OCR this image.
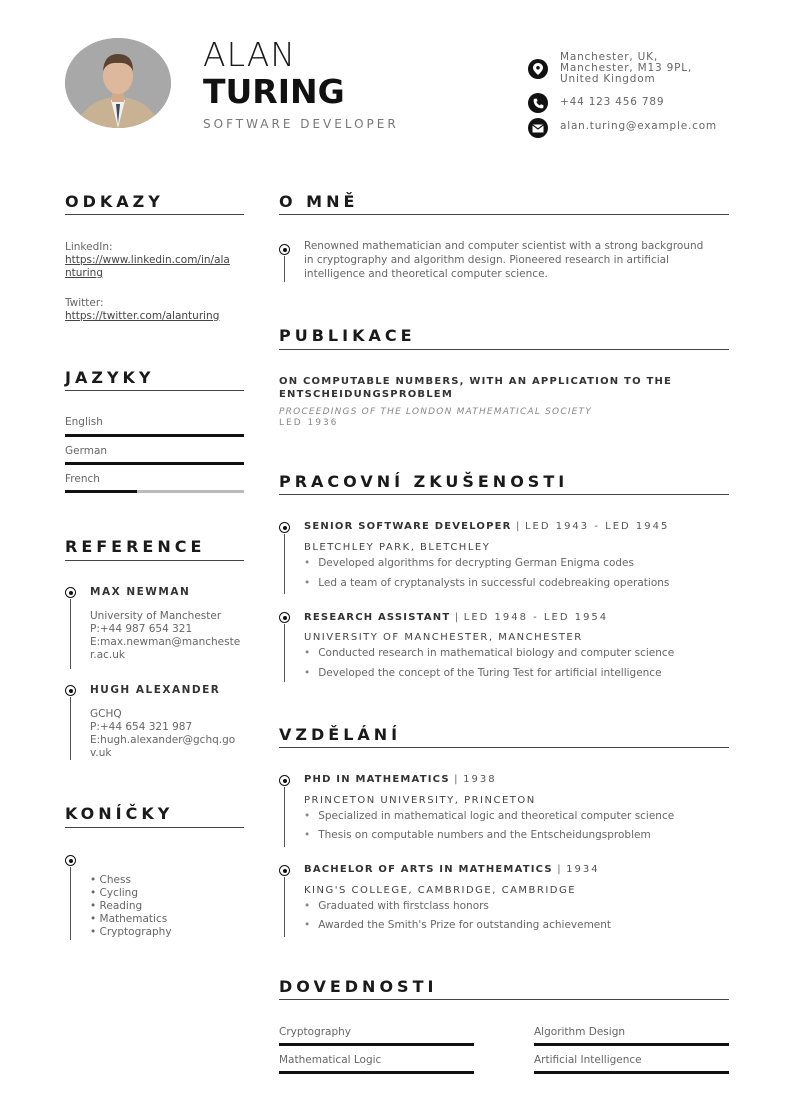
ALAN
TURING
SOFTWARE DEVELOPER
Manchester, UK,
Manchester, M13 9PL,
United Kingdom
+44 123 456 789
alan.turing@example.com
ODKAZY
LinkedIn:
https://www.linkedin.com/in/ala
nturing
Twitter:
https://twitter.com/alanturing
JAZYKY
English
German
French
REFERENCE
MAX NEWMAN
University of Manchester
P:+44 987 654 321
E:max.newman@mancheste
r.ac.uk
HUGH ALEXANDER
GCHQ
P:+44 654 321 987
E:hugh.alexander@gchq.go
v.uk
KONÍČKY
• Chess
• Cycling
• Reading
• Mathematics
• Cryptography
O MNĚ
Renowned mathematician and computer scientist with a strong background
in cryptography and algorithm design. Pioneered research in artificial
intelligence and theoretical computer science.
PUBLIKACE
ON COMPUTABLE NUMBERS, WITH AN APPLICATION TO THE
ENTSCHEIDUNGSPROBLEM
PROCEEDINGS OF THE LONDON MATHEMATICAL SOCIETY
LED 1936
PRACOVNÍ ZKUŠENOSTI
SENIOR SOFTWARE DEVELOPER | LED 1943 - LED 1945
BLETCHLEY PARK, BLETCHLEY
• Developed algorithms for decrypting German Enigma codes
• Led a team of cryptanalysts in successful codebreaking operations
RESEARCH ASSISTANT | LED 1948 - LED 1954
UNIVERSITY OF MANCHESTER, MANCHESTER
• Conducted research in mathematical biology and computer science
• Developed the concept of the Turing Test for artificial intelligence
VZDĚLÁNÍ
PHD IN MATHEMATICS | 1938
PRINCETON UNIVERSITY, PRINCETON
• Specialized in mathematical logic and theoretical computer science
• Thesis on computable numbers and the Entscheidungsproblem
BACHELOR OF ARTS IN MATHEMATICS | 1934
KING'S COLLEGE, CAMBRIDGE, CAMBRIDGE
• Graduated with firstclass honors
• Awarded the Smith's Prize for outstanding achievement
DOVEDNOSTI
Cryptography	Algorithm Design
Mathematical Logic	Artificial Intelligence
